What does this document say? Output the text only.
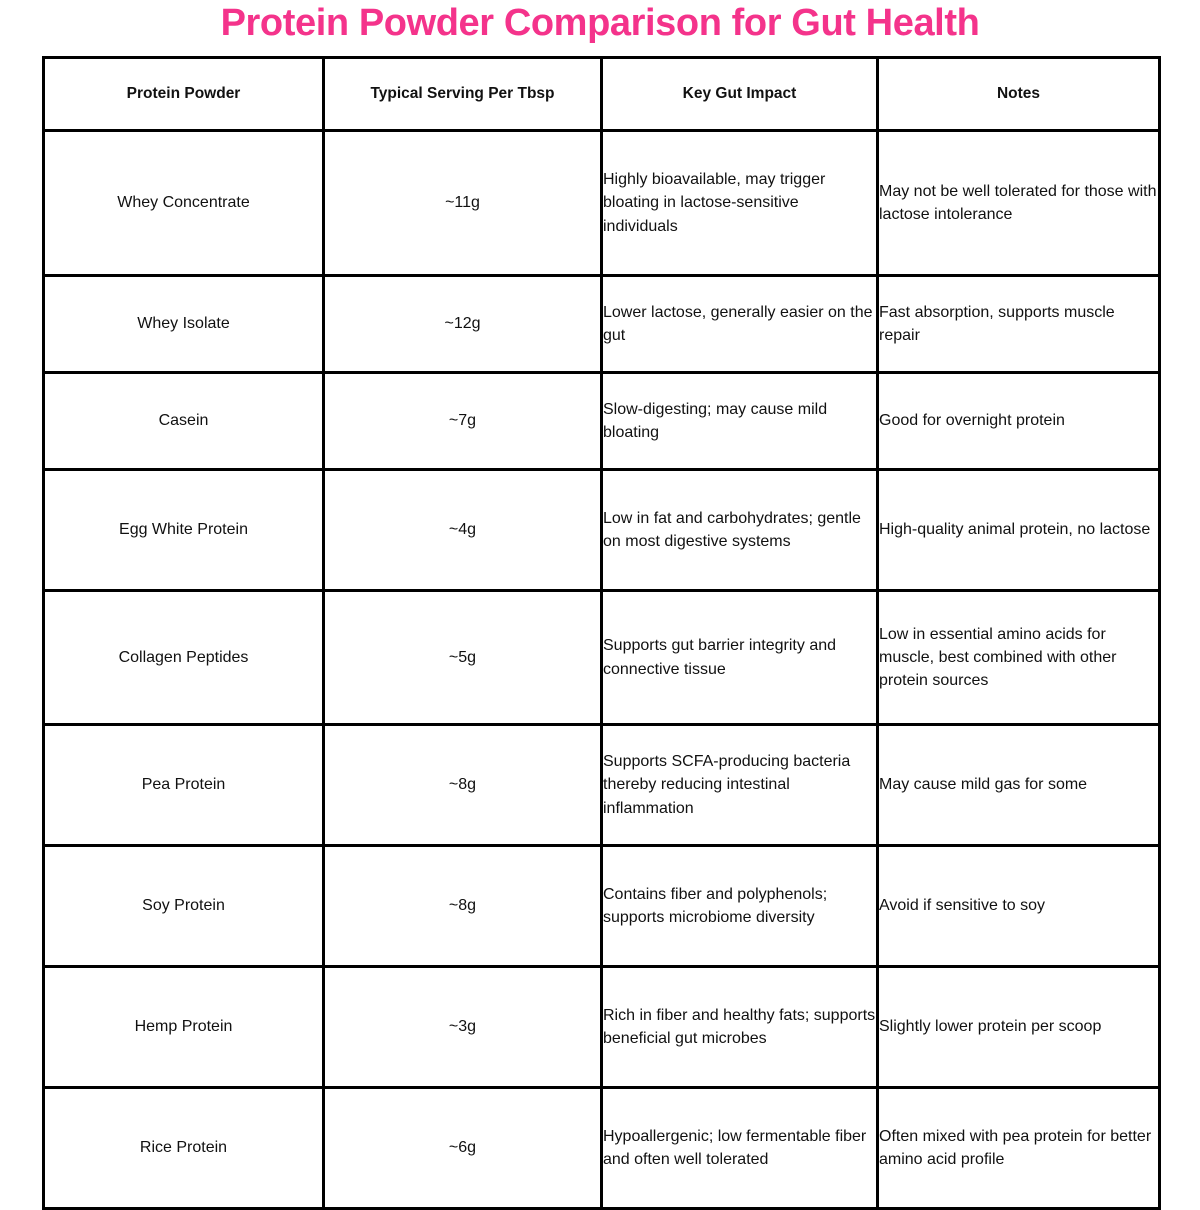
Protein Powder Comparison for Gut Health
Protein Powder	Typical Serving Per Tbsp	Key Gut Impact	Notes
Whey Concentrate	~11g	Highly bioavailable, may trigger bloating in lactose-sensitive individuals	May not be well tolerated for those with lactose intolerance
Whey Isolate	~12g	Lower lactose, generally easier on the gut	Fast absorption, supports muscle repair
Casein	~7g	Slow-digesting; may cause mild bloating	Good for overnight protein
Egg White Protein	~4g	Low in fat and carbohydrates; gentle on most digestive systems	High-quality animal protein, no lactose
Collagen Peptides	~5g	Supports gut barrier integrity and connective tissue	Low in essential amino acids for muscle, best combined with other protein sources
Pea Protein	~8g	Supports SCFA-producing bacteria thereby reducing intestinal inflammation	May cause mild gas for some
Soy Protein	~8g	Contains fiber and polyphenols; supports microbiome diversity	Avoid if sensitive to soy
Hemp Protein	~3g	Rich in fiber and healthy fats; supports beneficial gut microbes	Slightly lower protein per scoop
Rice Protein	~6g	Hypoallergenic; low fermentable fiber and often well tolerated	Often mixed with pea protein for better amino acid profile
